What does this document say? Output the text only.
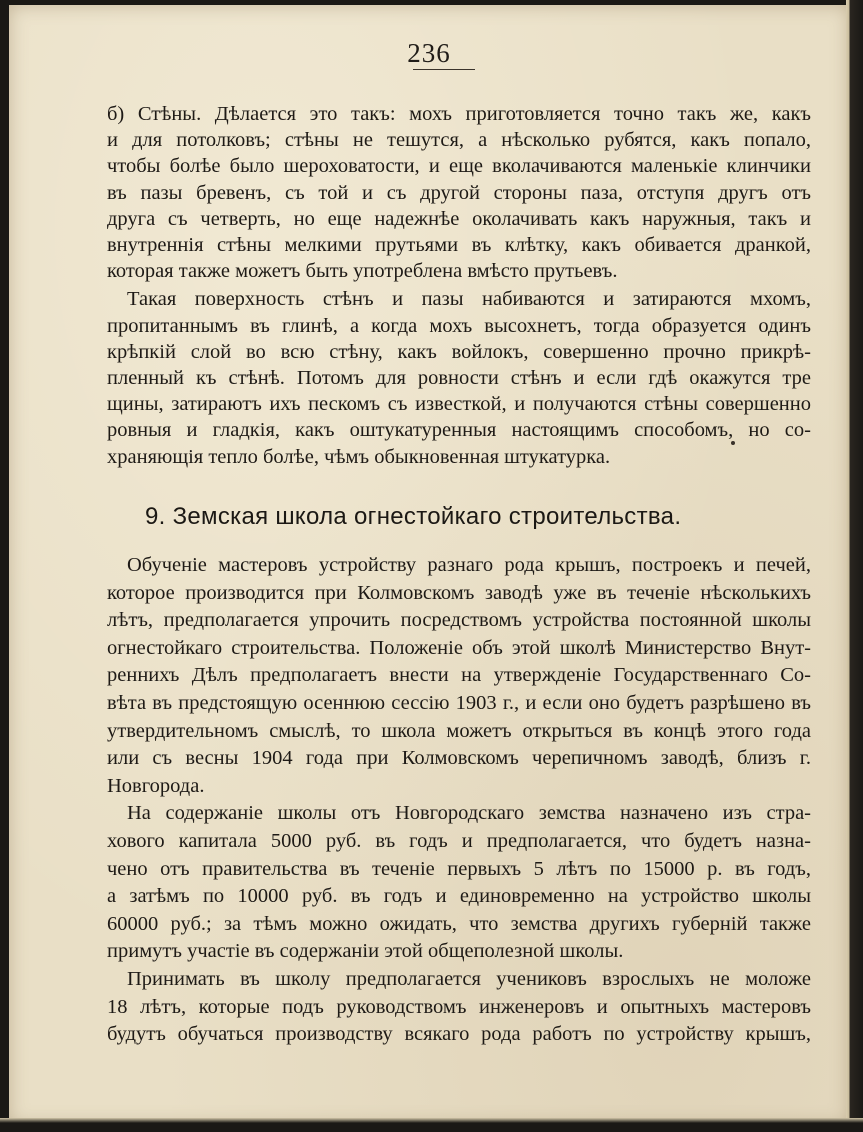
236
б) Стѣны. Дѣлается это такъ: мохъ приготовляется точно такъ же, какъ
и для потолковъ; стѣны не тешутся, а нѣсколько рубятся, какъ попало,
чтобы болѣе было шероховатости, и еще вколачиваются маленькіе клинчики
въ пазы бревенъ, съ той и съ другой стороны паза, отступя другъ отъ
друга съ четверть, но еще надежнѣе околачивать какъ наружныя, такъ и
внутреннія стѣны мелкими прутьями въ клѣтку, какъ обивается дранкой,
которая также можетъ быть употреблена вмѣсто прутьевъ.
Такая поверхность стѣнъ и пазы набиваются и затираются мхомъ,
пропитаннымъ въ глинѣ, а когда мохъ высохнетъ, тогда образуется одинъ
крѣпкій слой во всю стѣну, какъ войлокъ, совершенно прочно прикрѣ-
пленный къ стѣнѣ. Потомъ для ровности стѣнъ и если гдѣ окажутся тре
щины, затираютъ ихъ пескомъ съ известкой, и получаются стѣны совершенно
ровныя и гладкія, какъ оштукатуренныя настоящимъ способомъ, но со-
храняющія тепло болѣе, чѣмъ обыкновенная штукатурка.
9. Земская школа огнестойкаго строительства.
Обученіе мастеровъ устройству разнаго рода крышъ, построекъ и печей,
которое производится при Колмовскомъ заводѣ уже въ теченіе нѣсколькихъ
лѣтъ, предполагается упрочить посредствомъ устройства постоянной школы
огнестойкаго строительства. Положеніе объ этой школѣ Министерство Внут-
реннихъ Дѣлъ предполагаетъ внести на утвержденіе Государственнаго Со-
вѣта въ предстоящую осеннюю сессію 1903 г., и если оно будетъ разрѣшено въ
утвердительномъ смыслѣ, то школа можетъ открыться въ концѣ этого года
или съ весны 1904 года при Колмовскомъ черепичномъ заводѣ, близъ г.
Новгорода.
На содержаніе школы отъ Новгородскаго земства назначено изъ стра-
хового капитала 5000 руб. въ годъ и предполагается, что будетъ назна-
чено отъ правительства въ теченіе первыхъ 5 лѣтъ по 15000 р. въ годъ,
а затѣмъ по 10000 руб. въ годъ и единовременно на устройство школы
60000 руб.; за тѣмъ можно ожидать, что земства другихъ губерній также
примутъ участіе въ содержаніи этой общеполезной школы.
Принимать въ школу предполагается учениковъ взрослыхъ не моложе
18 лѣтъ, которые подъ руководствомъ инженеровъ и опытныхъ мастеровъ
будутъ обучаться производству всякаго рода работъ по устройству крышъ,
